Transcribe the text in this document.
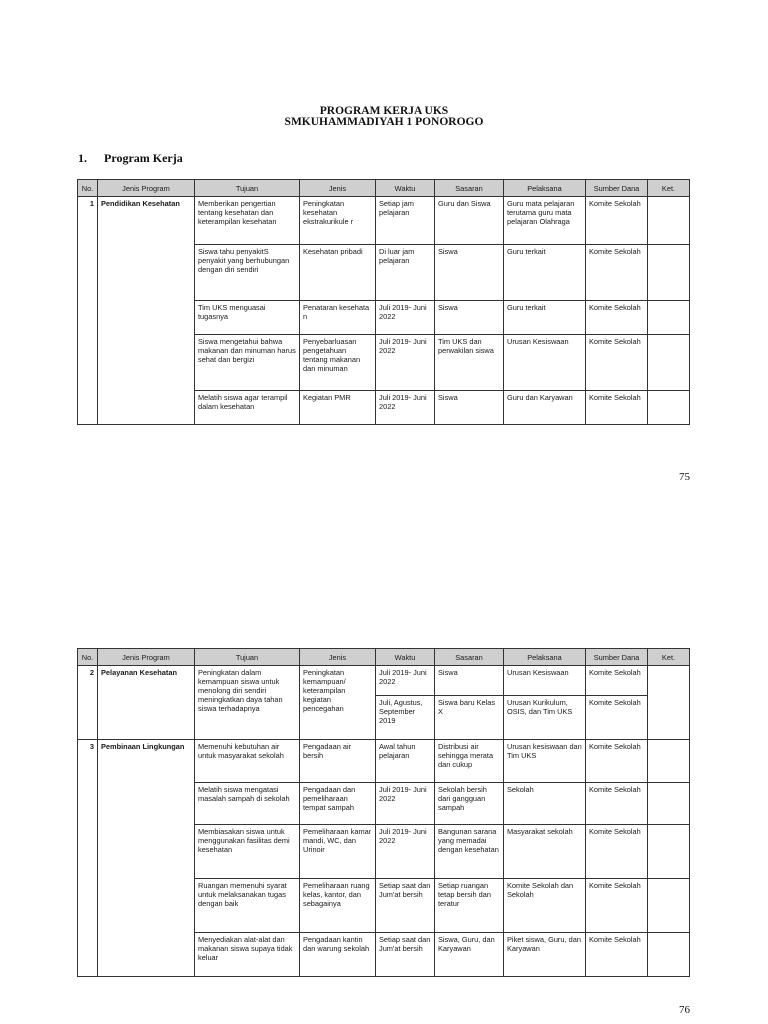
PROGRAM KERJA UKS
SMKUHAMMADIYAH 1 PONOROGO
1. Program Kerja
No.	Jenis Program	Tujuan	Jenis	Waktu	Sasaran	Pelaksana	Sumber Dana	Ket.
1	Pendidikan Kesehatan	Memberikan pengertian tentang kesehatan dan keterampilan kesehatan	Peningkatan kesehatan ekstrakurikule r	Setiap jam pelajaran	Guru dan Siswa	Guru mata pelajaran terutama guru mata pelajaran Olahraga	Komite Sekolah	
		Siswa tahu penyakitS penyakit yang berhubungan dengan diri sendiri	Kesehatan pribadi	Di luar jam pelajaran	Siswa	Guru terkait	Komite Sekolah	
		Tim UKS menguasai tugasnya	Penataran kesehata n	Juli 2019- Juni 2022	Siswa	Guru terkait	Komite Sekolah	
		Siswa mengetahui bahwa makanan dan minuman harus sehat dan bergizi	Penyebarluasan pengetahuan tentang makanan dan minuman	Juli 2019- Juni 2022	Tim UKS dan perwakilan siswa	Urusan Kesiswaan	Komite Sekolah	
		Melatih siswa agar terampil dalam kesehatan	Kegiatan PMR	Juli 2019- Juni 2022	Siswa	Guru dan Karyawan	Komite Sekolah	
75
No.	Jenis Program	Tujuan	Jenis	Waktu	Sasaran	Pelaksana	Sumber Dana	Ket.
2	Pelayanan Kesehatan	Peningkatan dalam kemampuan siswa untuk menolong diri sendiri meningkatkan daya tahan siswa terhadapnya	Peningkatan kemampuan/ keterampilan kegiatan pencegahan	Juli 2019- Juni 2022	Siswa	Urusan Kesiswaan	Komite Sekolah	
				Juli, Agustus, September 2019	Siswa baru Kelas X	Urusan Kurikulum, OSIS, dan Tim UKS	Komite Sekolah	
3	Pembinaan Lingkungan	Memenuhi kebutuhan air untuk masyarakat sekolah	Pengadaan air bersih	Awal tahun pelajaran	Distribusi air sehingga merata dan cukup	Urusan kesiswaan dan Tim UKS	Komite Sekolah	
		Melatih siswa mengatasi masalah sampah di sekolah	Pengadaan dan pemeliharaan tempat sampah	Juli 2019- Juni 2022	Sekolah bersih dari gangguan sampah	Sekolah	Komite Sekolah	
		Membiasakan siswa untuk menggunakan fasilitas demi kesehatan	Pemeliharaan kamar mandi, WC, dan Urinoir	Juli 2019- Juni 2022	Bangunan sarana yang memadai dengan kesehatan	Masyarakat sekolah	Komite Sekolah	
		Ruangan memenuhi syarat untuk melaksanakan tugas dengan baik	Pemeliharaan ruang kelas, kantor, dan sebagainya	Setiap saat dan Jum'at bersih	Setiap ruangan tetap bersih dan teratur	Komite Sekolah dan Sekolah	Komite Sekolah	
		Menyediakan alat-alat dan makanan siswa supaya tidak keluar	Pengadaan kantin dan warung sekolah	Setiap saat dan Jum'at bersih	Siswa, Guru, dan Karyawan	Piket siswa, Guru, dan Karyawan	Komite Sekolah	
76
